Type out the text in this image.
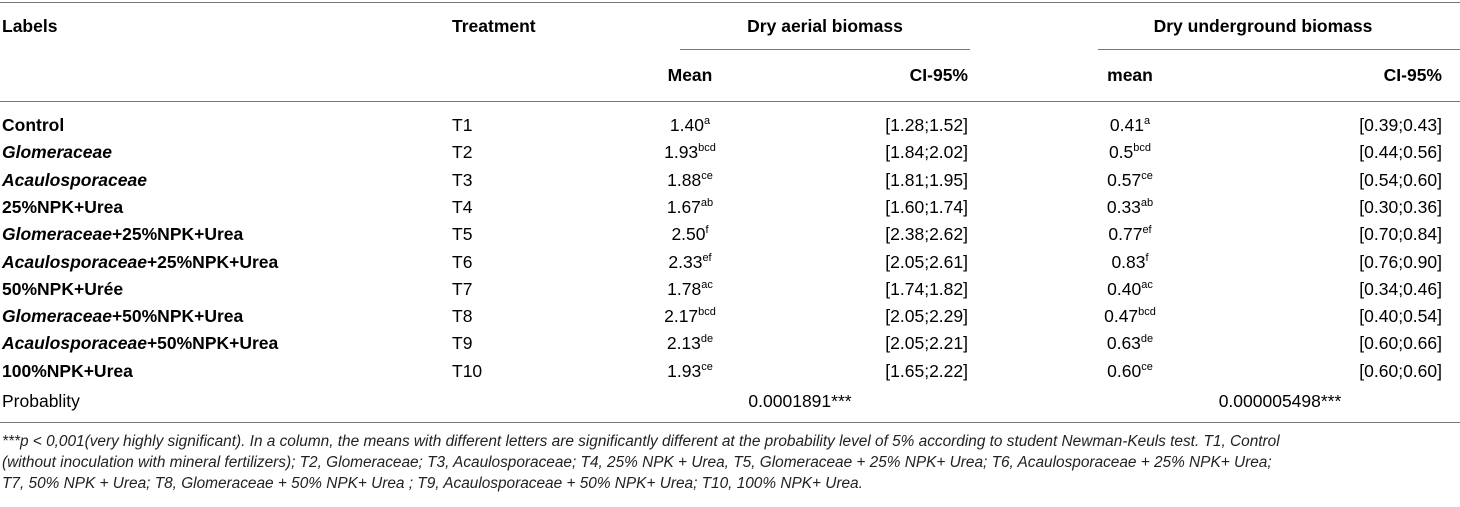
Labels	Treatment	Dry aerial biomass	Dry underground biomass
Mean	CI-95%	mean	CI-95%
Control	T1	1.40$^a$	[1.28;1.52]	0.41$^a$	[0.39;0.43]
Glomeraceae	T2	1.93$^{bcd}$	[1.84;2.02]	0.5$^{bcd}$	[0.44;0.56]
Acaulosporaceae	T3	1.88$^{ce}$	[1.81;1.95]	0.57$^{ce}$	[0.54;0.60]
25%NPK+Urea	T4	1.67$^{ab}$	[1.60;1.74]	0.33$^{ab}$	[0.30;0.36]
Glomeraceae+25%NPK+Urea	T5	2.50$^f$	[2.38;2.62]	0.77$^{ef}$	[0.70;0.84]
Acaulosporaceae+25%NPK+Urea	T6	2.33$^{ef}$	[2.05;2.61]	0.83$^f$	[0.76;0.90]
50%NPK+Urée	T7	1.78$^{ac}$	[1.74;1.82]	0.40$^{ac}$	[0.34;0.46]
Glomeraceae+50%NPK+Urea	T8	2.17$^{bcd}$	[2.05;2.29]	0.47$^{bcd}$	[0.40;0.54]
Acaulosporaceae+50%NPK+Urea	T9	2.13de	[2.05;2.21]	0.63de	[0.60;0.66]
100%NPK+Urea	T10	1.93$^{ce}$	[1.65;2.22]	0.60$^{ce}$	[0.60;0.60]
Probablity	0.0001891***	0.000005498***
***p < 0,001(very highly significant). In a column, the means with different letters are significantly different at the probability level of 5% according to student Newman-Keuls test. T1, Control
(without inoculation with mineral fertilizers); T2, Glomeraceae; T3, Acaulosporaceae; T4, 25% NPK + Urea, T5, Glomeraceae + 25% NPK+ Urea; T6, Acaulosporaceae + 25% NPK+ Urea;
T7, 50% NPK + Urea; T8, Glomeraceae + 50% NPK+ Urea ; T9, Acaulosporaceae + 50% NPK+ Urea; T10, 100% NPK+ Urea.
